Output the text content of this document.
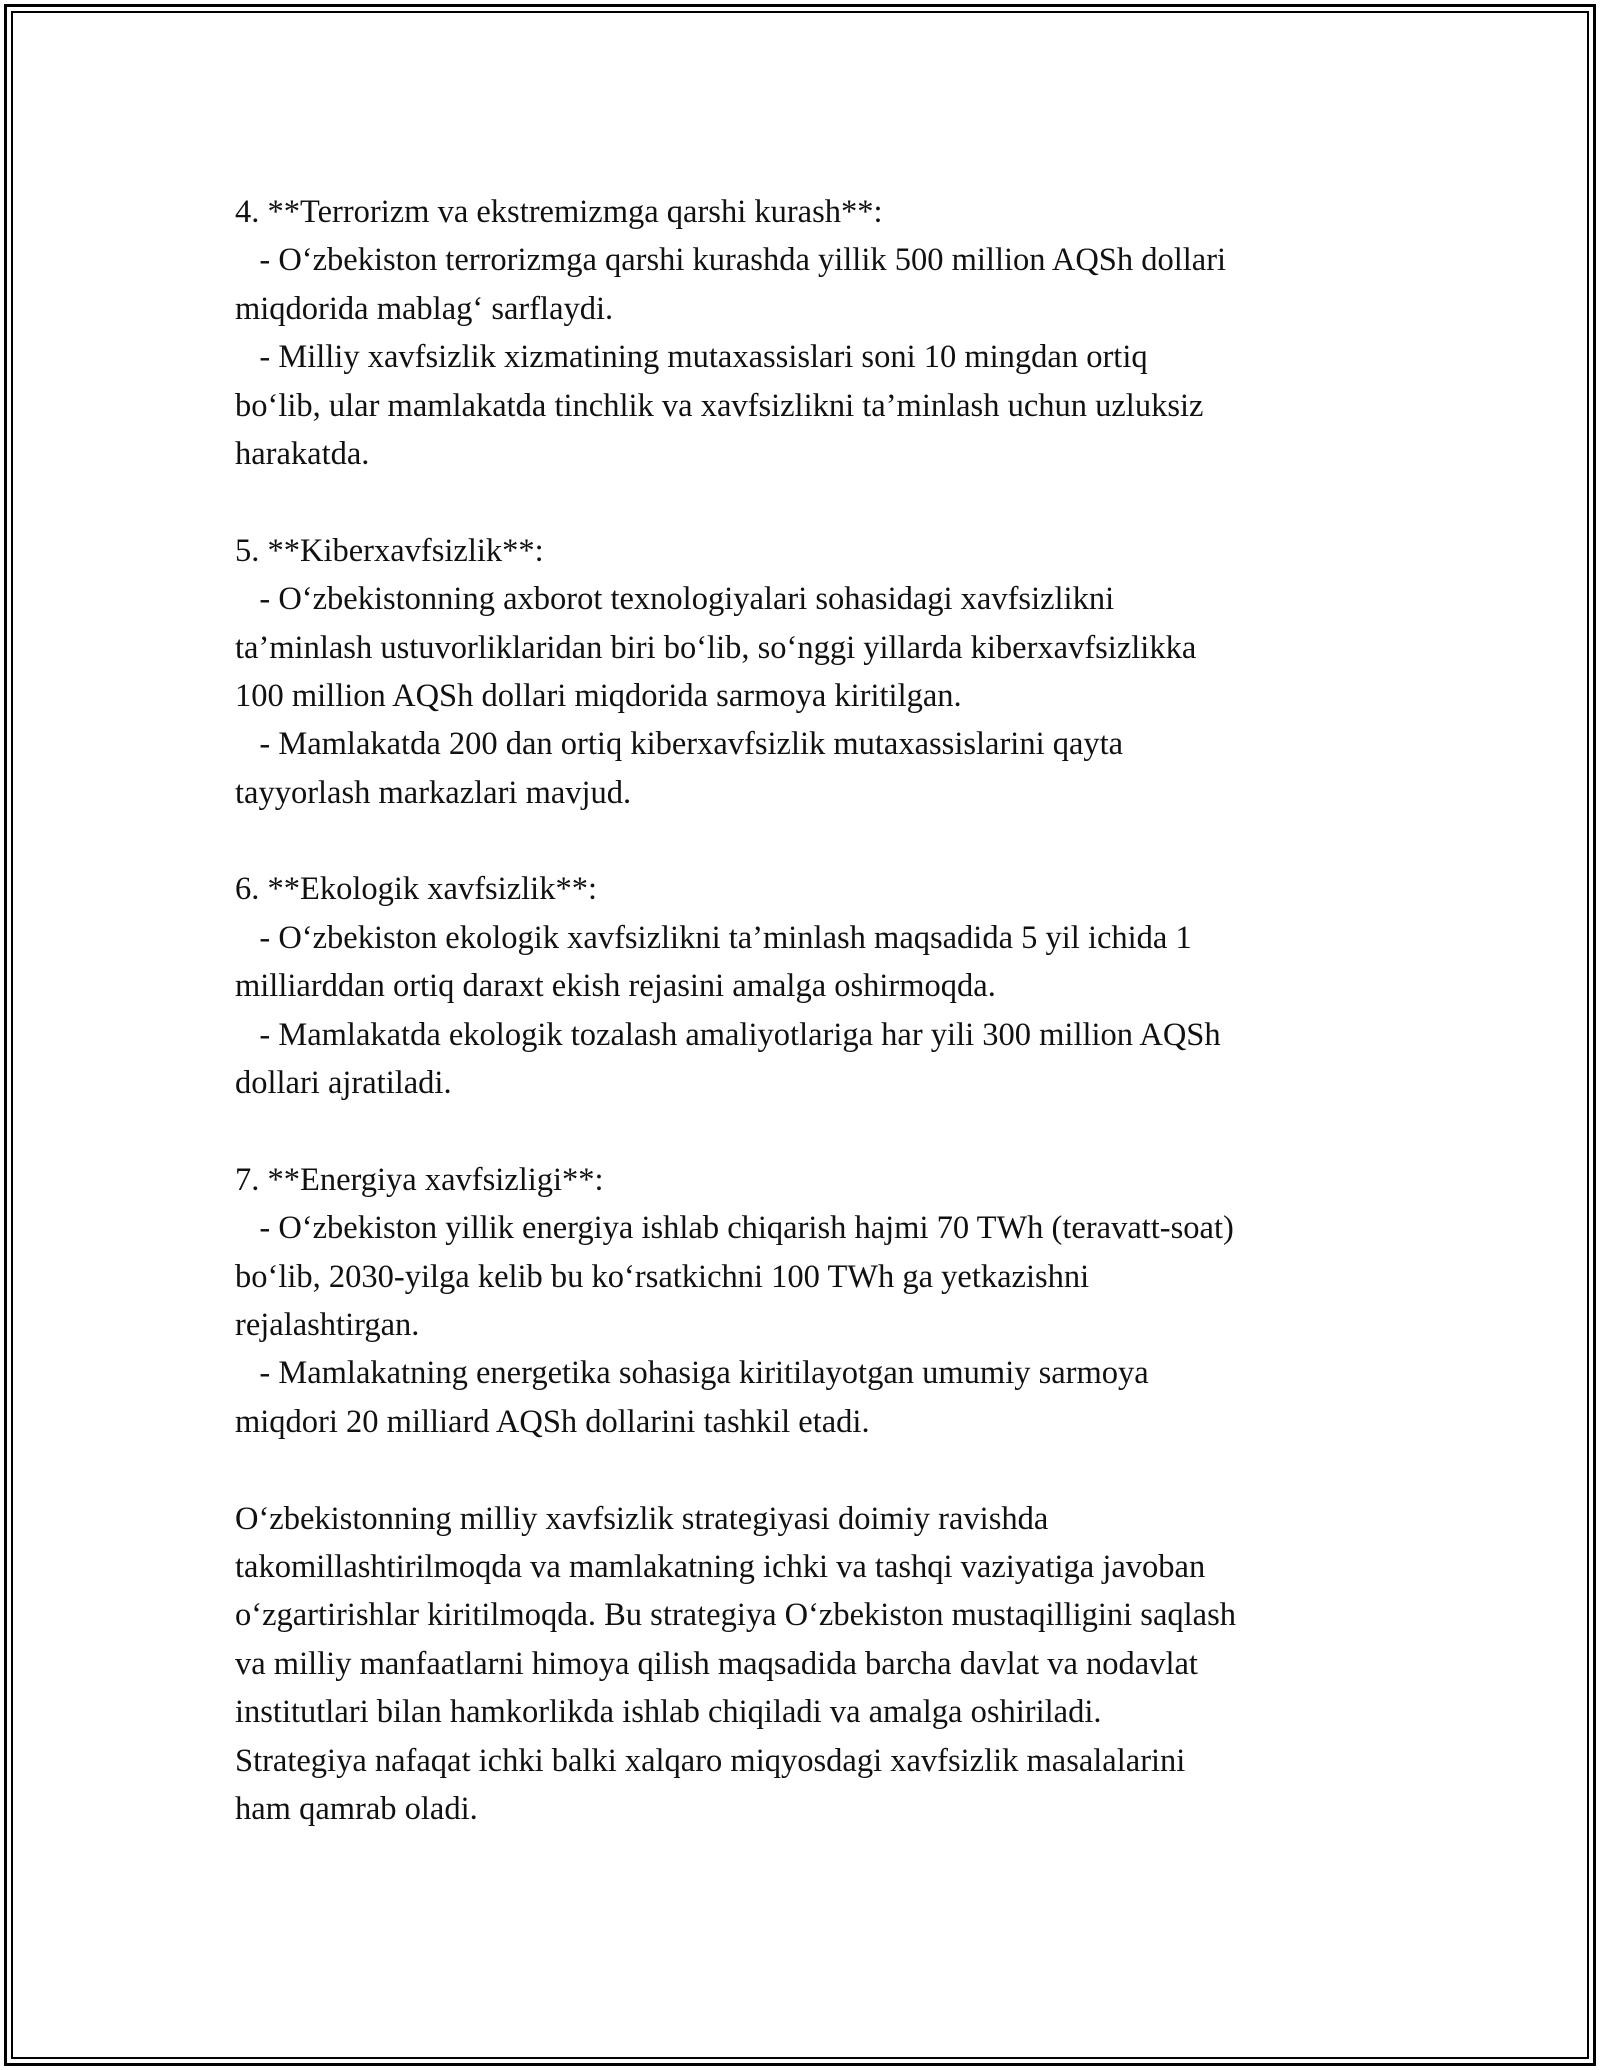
4. **Terrorizm va ekstremizmga qarshi kurash**:
- O‘zbekiston terrorizmga qarshi kurashda yillik 500 million AQSh dollari
miqdorida mablag‘ sarflaydi.
- Milliy xavfsizlik xizmatining mutaxassislari soni 10 mingdan ortiq
bo‘lib, ular mamlakatda tinchlik va xavfsizlikni ta’minlash uchun uzluksiz
harakatda.
5. **Kiberxavfsizlik**:
- O‘zbekistonning axborot texnologiyalari sohasidagi xavfsizlikni
ta’minlash ustuvorliklaridan biri bo‘lib, so‘nggi yillarda kiberxavfsizlikka
100 million AQSh dollari miqdorida sarmoya kiritilgan.
- Mamlakatda 200 dan ortiq kiberxavfsizlik mutaxassislarini qayta
tayyorlash markazlari mavjud.
6. **Ekologik xavfsizlik**:
- O‘zbekiston ekologik xavfsizlikni ta’minlash maqsadida 5 yil ichida 1
milliarddan ortiq daraxt ekish rejasini amalga oshirmoqda.
- Mamlakatda ekologik tozalash amaliyotlariga har yili 300 million AQSh
dollari ajratiladi.
7. **Energiya xavfsizligi**:
- O‘zbekiston yillik energiya ishlab chiqarish hajmi 70 TWh (teravatt-soat)
bo‘lib, 2030-yilga kelib bu ko‘rsatkichni 100 TWh ga yetkazishni
rejalashtirgan.
- Mamlakatning energetika sohasiga kiritilayotgan umumiy sarmoya
miqdori 20 milliard AQSh dollarini tashkil etadi.
O‘zbekistonning milliy xavfsizlik strategiyasi doimiy ravishda
takomillashtirilmoqda va mamlakatning ichki va tashqi vaziyatiga javoban
o‘zgartirishlar kiritilmoqda. Bu strategiya O‘zbekiston mustaqilligini saqlash
va milliy manfaatlarni himoya qilish maqsadida barcha davlat va nodavlat
institutlari bilan hamkorlikda ishlab chiqiladi va amalga oshiriladi.
Strategiya nafaqat ichki balki xalqaro miqyosdagi xavfsizlik masalalarini
ham qamrab oladi.
